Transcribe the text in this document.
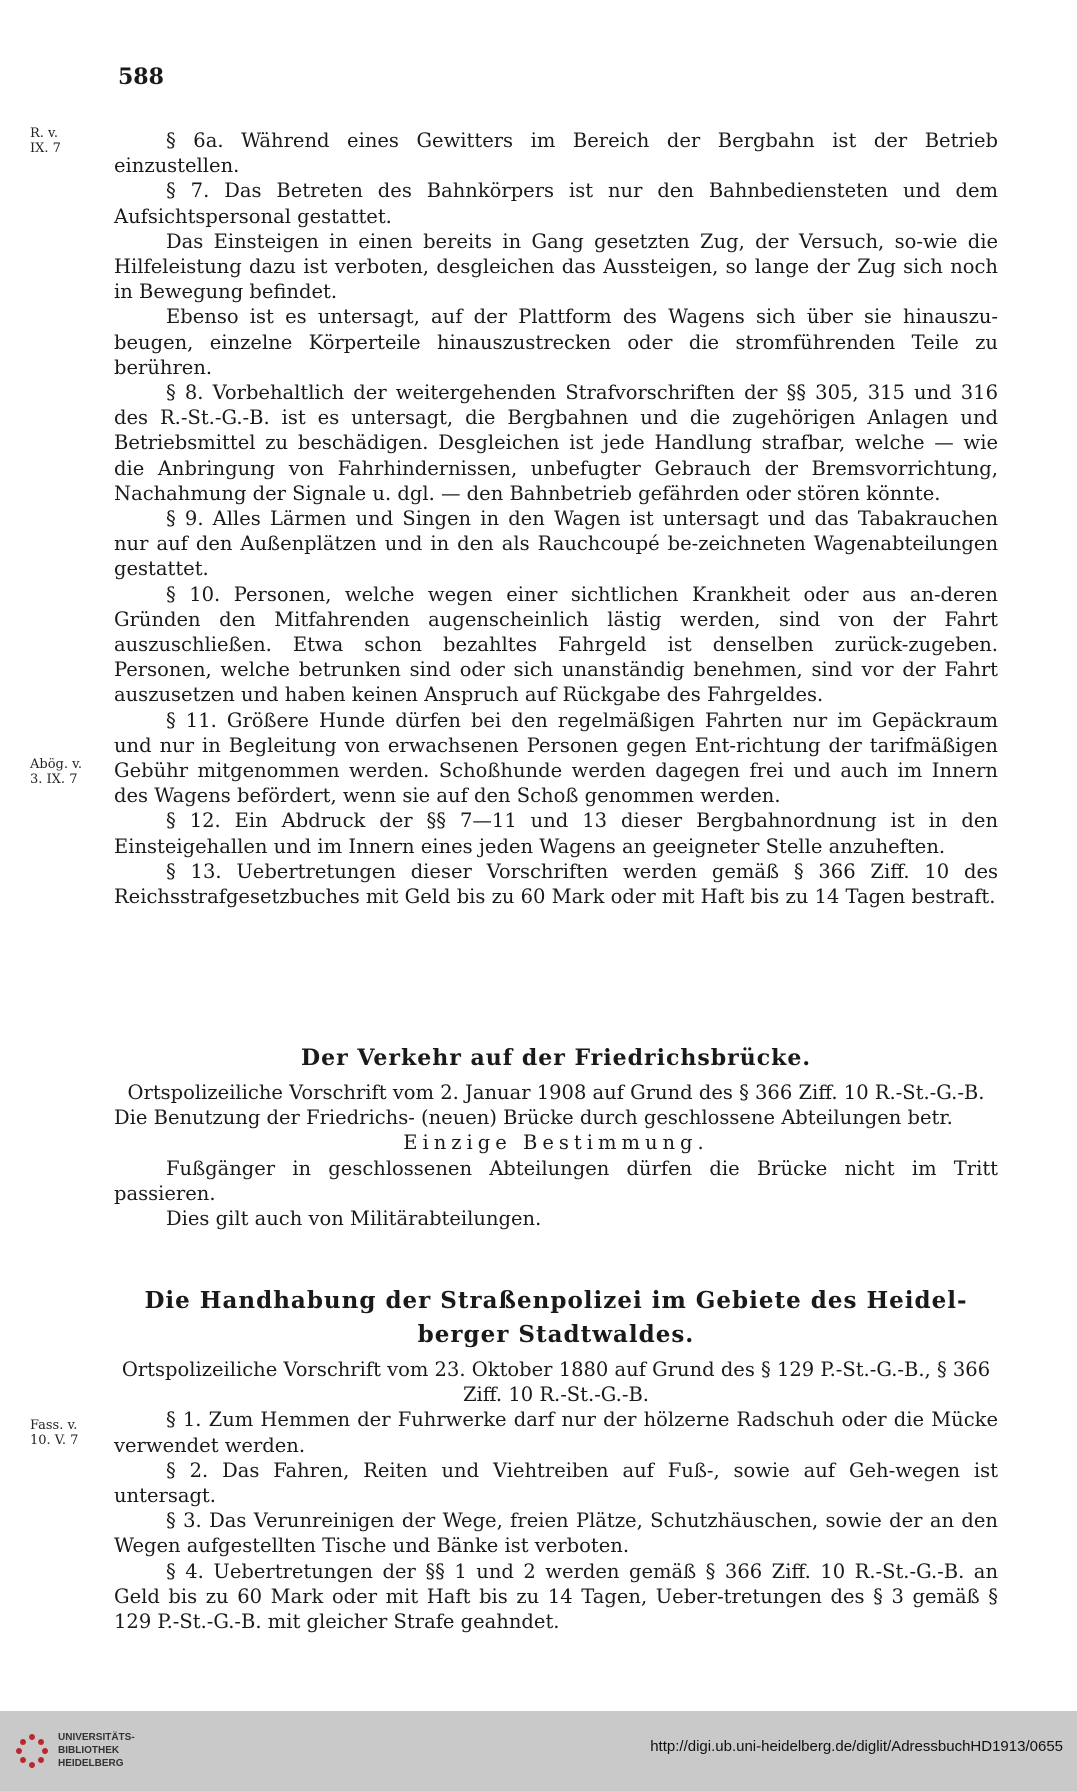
588
R. v.
IX. 7
Abög. v.
3. IX. 7
Fass. v.
10. V. 7

§ 6a. Während eines Gewitters im Bereich der Bergbahn ist der Betrieb einzustellen.

§ 7. Das Betreten des Bahnkörpers ist nur den Bahnbediensteten und dem Aufsichtspersonal gestattet.

Das Einsteigen in einen bereits in Gang gesetzten Zug, der Versuch, so-wie die Hilfeleistung dazu ist verboten, desgleichen das Aussteigen, so lange der Zug sich noch in Bewegung befindet.

Ebenso ist es untersagt, auf der Plattform des Wagens sich über sie hinauszu-beugen, einzelne Körperteile hinauszustrecken oder die stromführenden Teile zu berühren.

§ 8. Vorbehaltlich der weitergehenden Strafvorschriften der §§ 305, 315 und 316 des R.-St.-G.-B. ist es untersagt, die Bergbahnen und die zugehörigen Anlagen und Betriebsmittel zu beschädigen. Desgleichen ist jede Handlung strafbar, welche — wie die Anbringung von Fahrhindernissen, unbefugter Gebrauch der Bremsvorrichtung, Nachahmung der Signale u. dgl. — den Bahnbetrieb gefährden oder stören könnte.

§ 9. Alles Lärmen und Singen in den Wagen ist untersagt und das Tabakrauchen nur auf den Außenplätzen und in den als Rauchcoupé be-zeichneten Wagenabteilungen gestattet.

§ 10. Personen, welche wegen einer sichtlichen Krankheit oder aus an-deren Gründen den Mitfahrenden augenscheinlich lästig werden, sind von der Fahrt auszuschließen. Etwa schon bezahltes Fahrgeld ist denselben zurück-zugeben. Personen, welche betrunken sind oder sich unanständig benehmen, sind vor der Fahrt auszusetzen und haben keinen Anspruch auf Rückgabe des Fahrgeldes.

§ 11. Größere Hunde dürfen bei den regelmäßigen Fahrten nur im Gepäckraum und nur in Begleitung von erwachsenen Personen gegen Ent-richtung der tarifmäßigen Gebühr mitgenommen werden. Schoßhunde werden dagegen frei und auch im Innern des Wagens befördert, wenn sie auf den Schoß genommen werden.

§ 12. Ein Abdruck der §§ 7—11 und 13 dieser Bergbahnordnung ist in den Einsteigehallen und im Innern eines jeden Wagens an geeigneter Stelle anzuheften.

§ 13. Uebertretungen dieser Vorschriften werden gemäß § 366 Ziff. 10 des Reichsstrafgesetzbuches mit Geld bis zu 60 Mark oder mit Haft bis zu 14 Tagen bestraft.

Der Verkehr auf der Friedrichsbrücke.

Ortspolizeiliche Vorschrift vom 2. Januar 1908 auf Grund des § 366 Ziff. 10 R.-St.-G.-B.

Die Benutzung der Friedrichs- (neuen) Brücke durch geschlossene Abteilungen betr.

Einzige Bestimmung.

Fußgänger in geschlossenen Abteilungen dürfen die Brücke nicht im Tritt passieren.

Dies gilt auch von Militärabteilungen.

Die Handhabung der Straßenpolizei im Gebiete des Heidel-
berger Stadtwaldes.

Ortspolizeiliche Vorschrift vom 23. Oktober 1880 auf Grund des § 129 P.-St.-G.-B., § 366 Ziff. 10 R.-St.-G.-B.

§ 1. Zum Hemmen der Fuhrwerke darf nur der hölzerne Radschuh oder die Mücke verwendet werden.

§ 2. Das Fahren, Reiten und Viehtreiben auf Fuß-, sowie auf Geh-wegen ist untersagt.

§ 3. Das Verunreinigen der Wege, freien Plätze, Schutzhäuschen, sowie der an den Wegen aufgestellten Tische und Bänke ist verboten.

§ 4. Uebertretungen der §§ 1 und 2 werden gemäß § 366 Ziff. 10 R.-St.-G.-B. an Geld bis zu 60 Mark oder mit Haft bis zu 14 Tagen, Ueber-tretungen des § 3 gemäß § 129 P.-St.-G.-B. mit gleicher Strafe geahndet.

UNIVERSITÄTS-
BIBLIOTHEK
HEIDELBERG
http://digi.ub.uni-heidelberg.de/diglit/AdressbuchHD1913/0655
